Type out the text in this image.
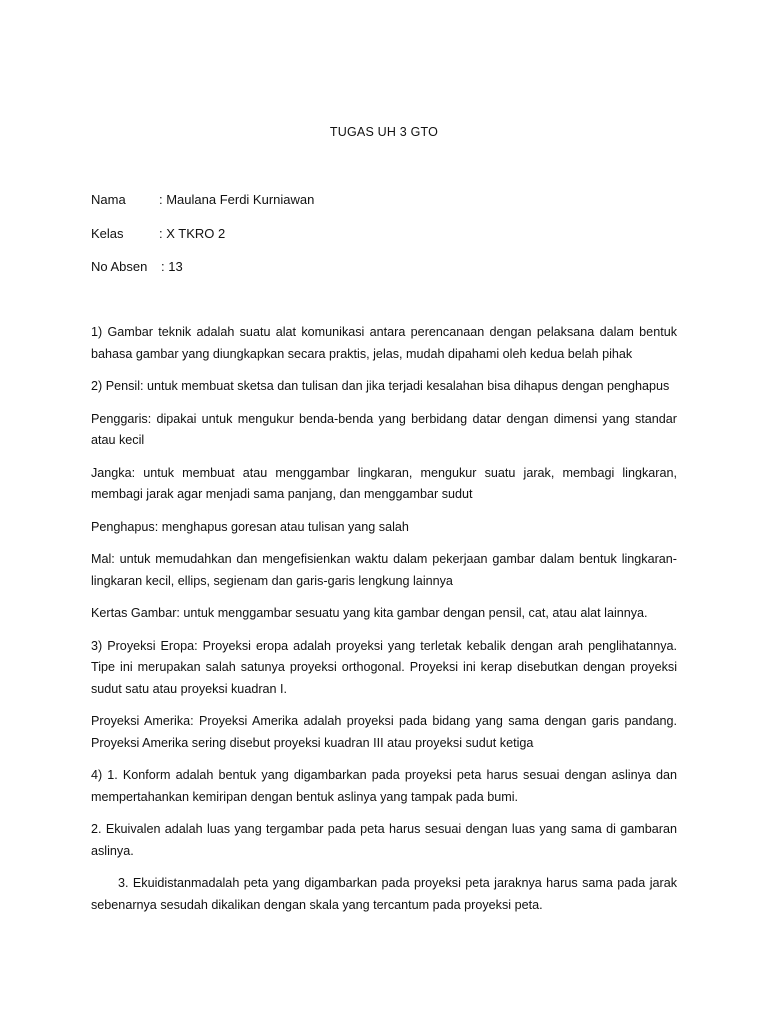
TUGAS UH 3 GTO
Nama	: Maulana Ferdi Kurniawan
Kelas	: X TKRO 2
No Absen : 13

1) Gambar teknik adalah suatu alat komunikasi antara perencanaan dengan pelaksana dalam bentuk bahasa gambar yang diungkapkan secara praktis, jelas, mudah dipahami oleh kedua belah pihak

2) Pensil: untuk membuat sketsa dan tulisan dan jika terjadi kesalahan bisa dihapus dengan penghapus

Penggaris: dipakai untuk mengukur benda-benda yang berbidang datar dengan dimensi yang standar atau kecil

Jangka: untuk membuat atau menggambar lingkaran, mengukur suatu jarak, membagi lingkaran, membagi jarak agar menjadi sama panjang, dan menggambar sudut

Penghapus: menghapus goresan atau tulisan yang salah

Mal: untuk memudahkan dan mengefisienkan waktu dalam pekerjaan gambar dalam bentuk lingkaran-lingkaran kecil, ellips, segienam dan garis-garis lengkung lainnya

Kertas Gambar: untuk menggambar sesuatu yang kita gambar dengan pensil, cat, atau alat lainnya.

3) Proyeksi Eropa: Proyeksi eropa adalah proyeksi yang terletak kebalik dengan arah penglihatannya. Tipe ini merupakan salah satunya proyeksi orthogonal. Proyeksi ini kerap disebutkan dengan proyeksi sudut satu atau proyeksi kuadran I.

Proyeksi Amerika: Proyeksi Amerika adalah proyeksi pada bidang yang sama dengan garis pandang. Proyeksi Amerika sering disebut proyeksi kuadran III atau proyeksi sudut ketiga

4) 1. Konform adalah bentuk yang digambarkan pada proyeksi peta harus sesuai dengan aslinya dan mempertahankan kemiripan dengan bentuk aslinya yang tampak pada bumi.

2. Ekuivalen adalah luas yang tergambar pada peta harus sesuai dengan luas yang sama di gambaran aslinya.

3. Ekuidistanmadalah peta yang digambarkan pada proyeksi peta jaraknya harus sama pada jarak sebenarnya sesudah dikalikan dengan skala yang tercantum pada proyeksi peta.
